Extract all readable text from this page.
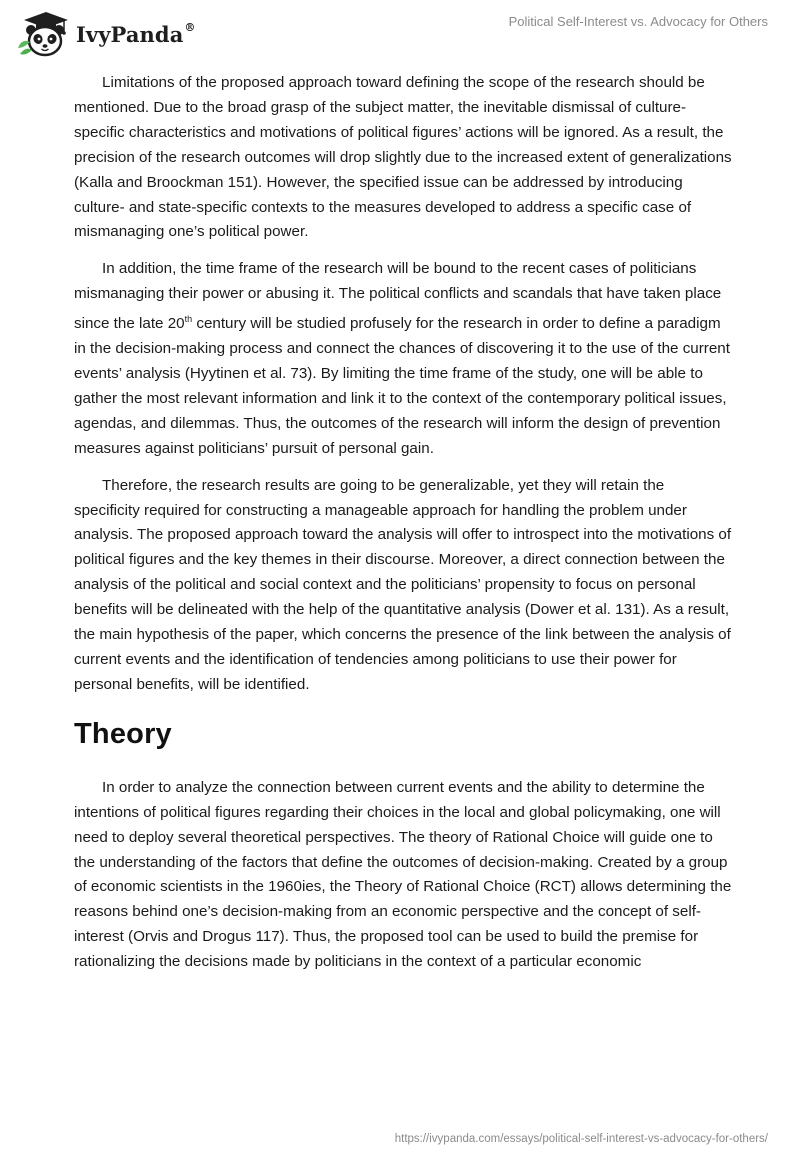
IvyPanda®	Political Self-Interest vs. Advocacy for Others

Limitations of the proposed approach toward defining the scope of the research should be mentioned. Due to the broad grasp of the subject matter, the inevitable dismissal of culture-specific characteristics and motivations of political figures’ actions will be ignored. As a result, the precision of the research outcomes will drop slightly due to the increased extent of generalizations (Kalla and Broockman 151). However, the specified issue can be addressed by introducing culture- and state-specific contexts to the measures developed to address a specific case of mismanaging one’s political power.

In addition, the time frame of the research will be bound to the recent cases of politicians mismanaging their power or abusing it. The political conflicts and scandals that have taken place since the late 20th century will be studied profusely for the research in order to define a paradigm in the decision-making process and connect the chances of discovering it to the use of the current events’ analysis (Hyytinen et al. 73). By limiting the time frame of the study, one will be able to gather the most relevant information and link it to the context of the contemporary political issues, agendas, and dilemmas. Thus, the outcomes of the research will inform the design of prevention measures against politicians’ pursuit of personal gain.

Therefore, the research results are going to be generalizable, yet they will retain the specificity required for constructing a manageable approach for handling the problem under analysis. The proposed approach toward the analysis will offer to introspect into the motivations of political figures and the key themes in their discourse. Moreover, a direct connection between the analysis of the political and social context and the politicians’ propensity to focus on personal benefits will be delineated with the help of the quantitative analysis (Dower et al. 131). As a result, the main hypothesis of the paper, which concerns the presence of the link between the analysis of current events and the identification of tendencies among politicians to use their power for personal benefits, will be identified.

Theory

In order to analyze the connection between current events and the ability to determine the intentions of political figures regarding their choices in the local and global policymaking, one will need to deploy several theoretical perspectives. The theory of Rational Choice will guide one to the understanding of the factors that define the outcomes of decision-making. Created by a group of economic scientists in the 1960ies, the Theory of Rational Choice (RCT) allows determining the reasons behind one’s decision-making from an economic perspective and the concept of self-interest (Orvis and Drogus 117). Thus, the proposed tool can be used to build the premise for rationalizing the decisions made by politicians in the context of a particular economic

https://ivypanda.com/essays/political-self-interest-vs-advocacy-for-others/
